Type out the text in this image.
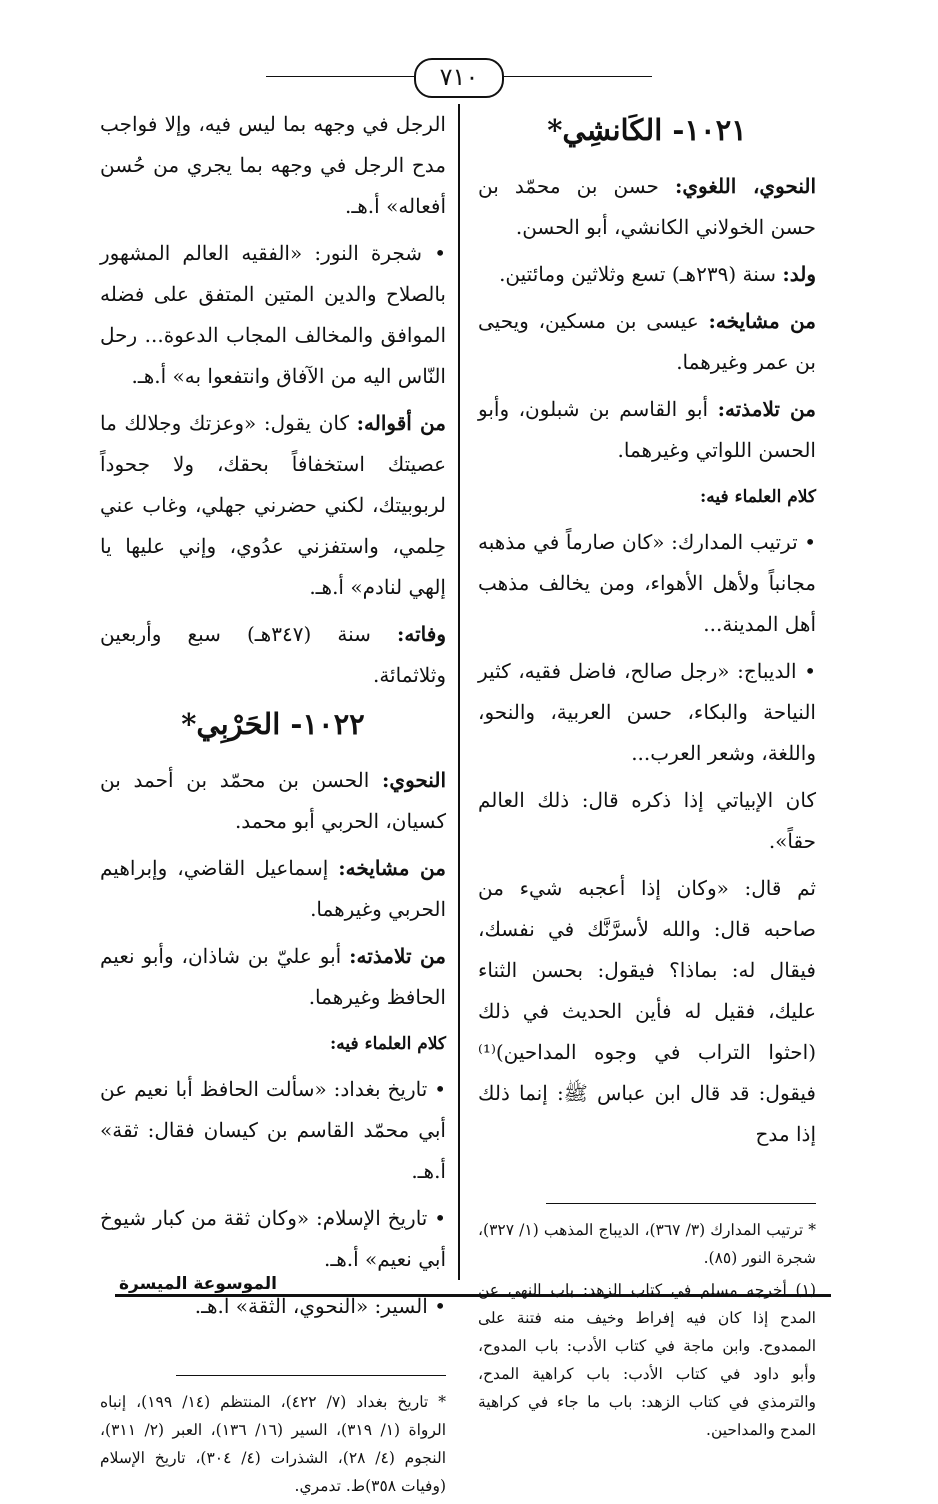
٧١٠
١٠٢١- الكَانشِي*
النحوي، اللغوي: حسن بن محمّد بن حسن الخولاني الكانشي، أبو الحسن.
ولد: سنة (٢٣٩هـ) تسع وثلاثين ومائتين.
من مشايخه: عيسى بن مسكين، ويحيى بن عمر وغيرهما.
من تلامذته: أبو القاسم بن شبلون، وأبو الحسن اللواتي وغيرهما.
كلام العلماء فيه:
• ترتيب المدارك: «كان صارماً في مذهبه مجانباً ولأهل الأهواء، ومن يخالف مذهب أهل المدينة...
• الديباج: «رجل صالح، فاضل فقيه، كثير النياحة والبكاء، حسن العربية، والنحو، واللغة، وشعر العرب...
كان الإبياتي إذا ذكره قال: ذلك العالم حقاً».
ثم قال: «وكان إذا أعجبه شيء من صاحبه قال: والله لأسرَّنَّك في نفسك، فيقال له: بماذا؟ فيقول: بحسن الثناء عليك، فقيل له فأين الحديث في ذلك (احثوا التراب في وجوه المداحين)⁽¹⁾ فيقول: قد قال ابن عباس ﷺ: إنما ذلك إذا مدح
* ترتيب المدارك (٣/ ٣٦٧)، الديباج المذهب (١/ ٣٢٧)، شجرة النور (٨٥).
(١) أخرجه مسلم في كتاب الزهد: باب النهي عن المدح إذا كان فيه إفراط وخيف منه فتنة على الممدوح. وابن ماجة في كتاب الأدب: باب المدوح، وأبو داود في كتاب الأدب: باب كراهية المدح، والترمذي في كتاب الزهد: باب ما جاء في كراهية المدح والمداحين.
الرجل في وجهه بما ليس فيه، وإلا فواجب مدح الرجل في وجهه بما يجري من حُسن أفعاله» أ.هـ.
• شجرة النور: «الفقيه العالم المشهور بالصلاح والدين المتين المتفق على فضله الموافق والمخالف المجاب الدعوة... رحل النّاس اليه من الآفاق وانتفعوا به» أ.هـ.
من أقواله: كان يقول: «وعزتك وجلالك ما عصيتك استخفافاً بحقك، ولا جحوداً لربوبيتك، لكني حضرني جهلي، وغاب عني حِلمي، واستفزني عدُوي، وإني عليها يا إلهي لنادم» أ.هـ.
وفاته: سنة (٣٤٧هـ) سبع وأربعين وثلاثمائة.
١٠٢٢- الحَرْبِي*
النحوي: الحسن بن محمّد بن أحمد بن كسيان، الحربي أبو محمد.
من مشايخه: إسماعيل القاضي، وإبراهيم الحربي وغيرهما.
من تلامذته: أبو عليّ بن شاذان، وأبو نعيم الحافظ وغيرهما.
كلام العلماء فيه:
• تاريخ بغداد: «سألت الحافظ أبا نعيم عن أبي محمّد القاسم بن كيسان فقال: ثقة» أ.هـ.
• تاريخ الإسلام: «وكان ثقة من كبار شيوخ أبي نعيم» أ.هـ.
• السير: «النحوي، الثقة» أ.هـ.
* تاريخ بغداد (٧/ ٤٢٢)، المنتظم (١٤/ ١٩٩)، إنباه الرواة (١/ ٣١٩)، السير (١٦/ ١٣٦)، العبر (٢/ ٣١١)، النجوم (٤/ ٢٨)، الشذرات (٤/ ٣٠٤)، تاريخ الإسلام (وفيات ٣٥٨)ط. تدمري.
الموسوعة الميسرة
